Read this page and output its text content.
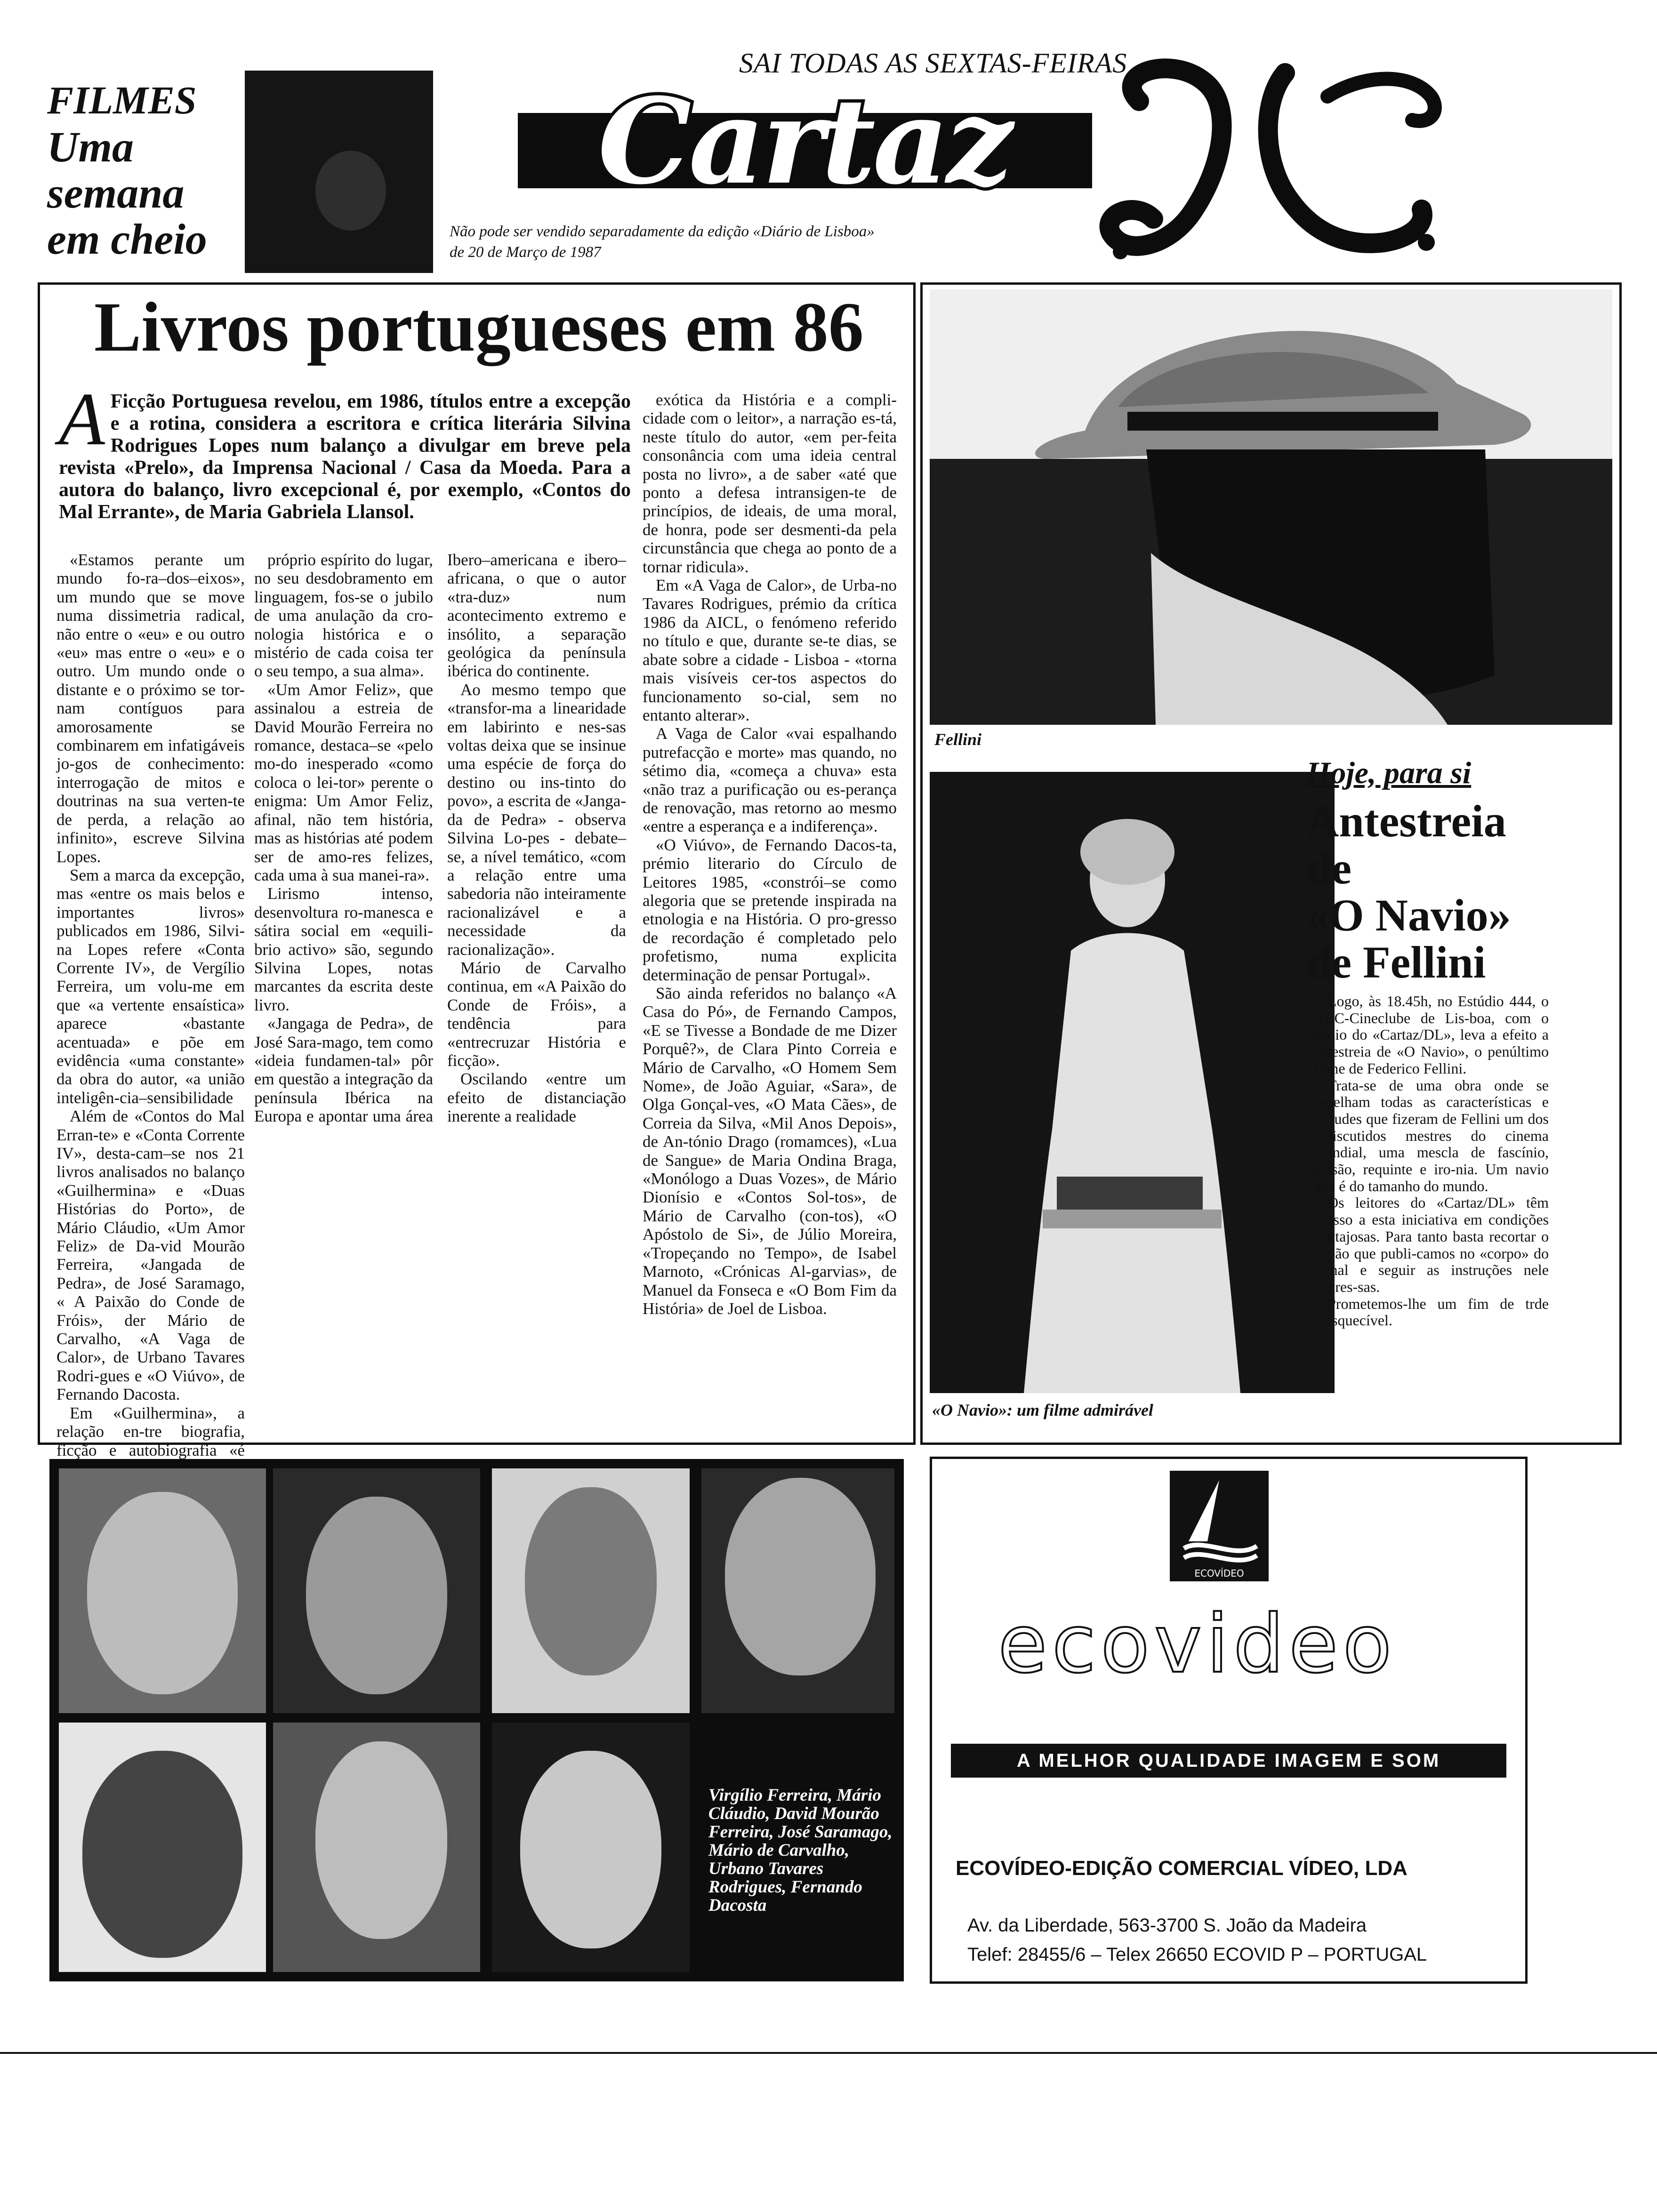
FILMES
Uma
semana
em cheio
SAI TODAS AS SEXTAS-FEIRAS
Cartaz
Não pode ser vendido separadamente da edição «Diário de Lisboa»
de 20 de Março de 1987
Livros portugueses em 86
A Ficção Portuguesa revelou, em 1986, títulos entre a excepção e a rotina, considera a escritora e crítica literária Silvina Rodrigues Lopes num balanço a divulgar em breve pela revista «Prelo», da Imprensa Nacional / Casa da Moeda. Para a autora do balanço, livro excepcional é, por exemplo, «Contos do Mal Errante», de Maria Gabriela Llansol.

«Estamos perante um mundo fo-ra–dos–eixos», um mundo que se move numa dissimetria radical, não entre o «eu» e ou outro «eu» mas entre o «eu» e o outro. Um mundo onde o distante e o próximo se tor-nam contíguos para amorosamente se combinarem em infatigáveis jo-gos de conhecimento: interrogação de mitos e doutrinas na sua verten-te de perda, a relação ao infinito», escreve Silvina Lopes.

Sem a marca da excepção, mas «entre os mais belos e importantes livros» publicados em 1986, Silvi-na Lopes refere «Conta Corrente IV», de Vergílio Ferreira, um volu-me em que «a vertente ensaística» aparece «bastante acentuada» e põe em evidência «uma constante» da obra do autor, «a união inteligên-cia–sensibilidade

Além de «Contos do Mal Erran-te» e «Conta Corrente IV», desta-cam–se nos 21 livros analisados no balanço «Guilhermina» e «Duas Histórias do Porto», de Mário Cláudio, «Um Amor Feliz» de Da-vid Mourão Ferreira, «Jangada de Pedra», de José Saramago, « A Paixão do Conde de Fróis», der Mário de Carvalho, «A Vaga de Calor», de Urbano Tavares Rodri-gues e «O Viúvo», de Fernando Dacosta.

Em «Guilhermina», a relação en-tre biografia, ficção e autobiografia «é

próprio espírito do lugar, no seu desdobramento em linguagem, fos-se o jubilo de uma anulação da cro-nologia histórica e o mistério de cada coisa ter o seu tempo, a sua alma».

«Um Amor Feliz», que assinalou a estreia de David Mourão Ferreira no romance, destaca–se «pelo mo-do inesperado «como coloca o lei-tor» perente o enigma: Um Amor Feliz, afinal, não tem história, mas as histórias até podem ser de amo-res felizes, cada uma à sua manei-ra».

Lirismo intenso, desenvoltura ro-manesca e sátira social em «equili-brio activo» são, segundo Silvina Lopes, notas marcantes da escrita deste livro.

«Jangaga de Pedra», de José Sara-mago, tem como «ideia fundamen-tal» pôr em questão a integração da península Ibérica na Europa e apontar uma área Ibero–americana e ibero–africana, o que o autor «tra-duz» num acontecimento extremo e insólito, a separação geológica da península ibérica do continente.

Ao mesmo tempo que «transfor-ma a linearidade em labirinto e nes-sas voltas deixa que se insinue uma espécie de força do destino ou ins-tinto do povo», a escrita de «Janga-da de Pedra» - observa Silvina Lo-pes - debate–se, a nível temático, «com a relação entre uma sabedoria não inteiramente racionalizável e a necessidade da racionalização».

Mário de Carvalho continua, em «A Paixão do Conde de Fróis», a tendência para «entrecruzar História e ficção».

Oscilando «entre um efeito de distanciação inerente a realidade

exótica da História e a compli-cidade com o leitor», a narração es-tá, neste título do autor, «em per-feita consonância com uma ideia central posta no livro», a de saber «até que ponto a defesa intransigen-te de princípios, de ideais, de uma moral, de honra, pode ser desmenti-da pela circunstância que chega ao ponto de a tornar ridicula».

Em «A Vaga de Calor», de Urba-no Tavares Rodrigues, prémio da crítica 1986 da AICL, o fenómeno referido no título e que, durante se-te dias, se abate sobre a cidade - Lisboa - «torna mais visíveis cer-tos aspectos do funcionamento so-cial, sem no entanto alterar».

A Vaga de Calor «vai espalhando putrefacção e morte» mas quando, no sétimo dia, «começa a chuva» esta «não traz a purificação ou es-perança de renovação, mas retorno ao mesmo «entre a esperança e a indiferença».

«O Viúvo», de Fernando Dacos-ta, prémio literario do Círculo de Leitores 1985, «constrói–se como alegoria que se pretende inspirada na etnologia e na História. O pro-gresso de recordação é completado pelo profetismo, numa explicita determinação de pensar Portugal».

São ainda referidos no balanço «A Casa do Pó», de Fernando Campos, «E se Tivesse a Bondade de me Dizer Porquê?», de Clara Pinto Correia e Mário de Carvalho, «O Homem Sem Nome», de João Aguiar, «Sara», de Olga Gonçal-ves, «O Mata Cães», de Correia da Silva, «Mil Anos Depois», de An-tónio Drago (romamces), «Lua de Sangue» de Maria Ondina Braga, «Monólogo a Duas Vozes», de Mário Dionísio e «Contos Sol-tos», de Mário de Carvalho (con-tos), «O Apóstolo de Si», de Júlio Moreira, «Tropeçando no Tempo», de Isabel Marnoto, «Crónicas Al-garvias», de Manuel da Fonseca e «O Bom Fim da História» de Joel de Lisboa.

Fellini
«O Navio»: um filme admirável
Hoje, para si
Antestreia
de
«O Navio»
de Fellini

Logo, às 18.45h, no Estúdio 444, o ABC-Cineclube de Lis-boa, com o apoio do «Cartaz/DL», leva a efeito a antestreia de «O Navio», o penúltimo filme de Federico Fellini.

Trata-se de uma obra onde se espelham todas as características e virtudes que fizeram de Fellini um dos indiscutidos mestres do cinema mundial, uma mescla de fascínio, irrisão, requinte e iro-nia. Um navio que é do tamanho do mundo.

Os leitores do «Cartaz/DL» têm acesso a esta iniciativa em condições vantajosas. Para tanto basta recortar o cupão que publi-camos no «corpo» do jornal e seguir as instruções nele expres-sas.

Prometemos-lhe um fim de trde inesquecível.

Virgílio Ferreira, Mário Cláudio, David Mourão Ferreira, José Saramago, Mário de Carvalho, Urbano Tavares Rodrigues, Fernando Dacosta
ECOVÍDEO
ecovideo
A MELHOR QUALIDADE IMAGEM E SOM
ECOVÍDEO-EDIÇÃO COMERCIAL VÍDEO, LDA
Av. da Liberdade, 563-3700 S. João da Madeira
Telef: 28455/6 – Telex 26650 ECOVID P – PORTUGAL
